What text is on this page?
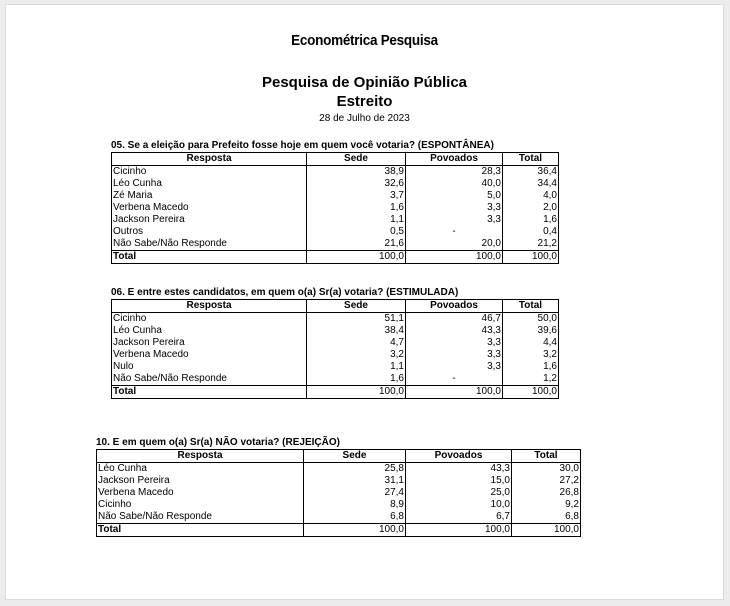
Econométrica Pesquisa
Pesquisa de Opinião Pública
Estreito
28 de Julho de 2023
05. Se a eleição para Prefeito fosse hoje em quem você votaria? (ESPONTÂNEA)
Resposta	Sede	Povoados	Total
Cicinho	38,9	28,3	36,4
Léo Cunha	32,6	40,0	34,4
Zé Maria	3,7	5,0	4,0
Verbena Macedo	1,6	3,3	2,0
Jackson Pereira	1,1	3,3	1,6
Outros	0,5	-	0,4
Não Sabe/Não Responde	21,6	20,0	21,2
Total	100,0	100,0	100,0
06. E entre estes candidatos, em quem o(a) Sr(a) votaria? (ESTIMULADA)
Resposta	Sede	Povoados	Total
Cicinho	51,1	46,7	50,0
Léo Cunha	38,4	43,3	39,6
Jackson Pereira	4,7	3,3	4,4
Verbena Macedo	3,2	3,3	3,2
Nulo	1,1	3,3	1,6
Não Sabe/Não Responde	1,6	-	1,2
Total	100,0	100,0	100,0
10. E em quem o(a) Sr(a) NÃO votaria? (REJEIÇÃO)
Resposta	Sede	Povoados	Total
Léo Cunha	25,8	43,3	30,0
Jackson Pereira	31,1	15,0	27,2
Verbena Macedo	27,4	25,0	26,8
Cicinho	8,9	10,0	9,2
Não Sabe/Não Responde	6,8	6,7	6,8
Total	100,0	100,0	100,0
